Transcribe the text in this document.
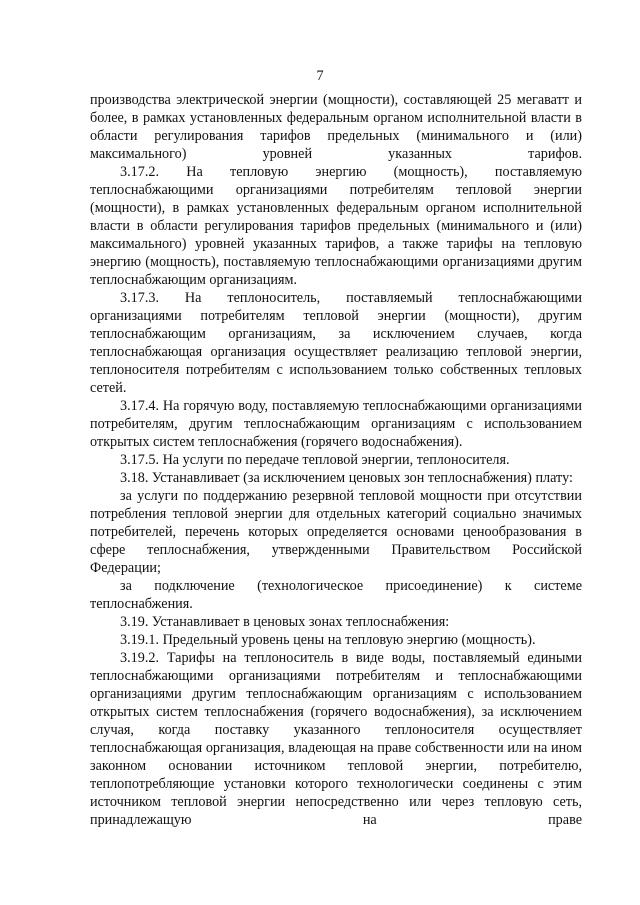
7

производства электрической энергии (мощности), составляющей 25 мегаватт и более, в рамках установленных федеральным органом исполнительной власти в области регулирования тарифов предельных (минимального и (или) максимального) уровней указанных тарифов.

3.17.2. На тепловую энергию (мощность), поставляемую теплоснабжающими организациями потребителям тепловой энергии (мощности), в рамках установленных федеральным органом исполнительной власти в области регулирования тарифов предельных (минимального и (или) максимального) уровней указанных тарифов, а также тарифы на тепловую энергию (мощность), поставляемую теплоснабжающими организациями другим теплоснабжающим организациям.

3.17.3. На теплоноситель, поставляемый теплоснабжающими организациями потребителям тепловой энергии (мощности), другим теплоснабжающим организациям, за исключением случаев, когда теплоснабжающая организация осуществляет реализацию тепловой энергии, теплоносителя потребителям с использованием только собственных тепловых сетей.

3.17.4. На горячую воду, поставляемую теплоснабжающими организациями потребителям, другим теплоснабжающим организациям с использованием открытых систем теплоснабжения (горячего водоснабжения).

3.17.5. На услуги по передаче тепловой энергии, теплоносителя.

3.18. Устанавливает (за исключением ценовых зон теплоснабжения) плату:

за услуги по поддержанию резервной тепловой мощности при отсутствии потребления тепловой энергии для отдельных категорий социально значимых потребителей, перечень которых определяется основами ценообразования в сфере теплоснабжения, утвержденными Правительством Российской Федерации;

за подключение (технологическое присоединение) к системе теплоснабжения.

3.19. Устанавливает в ценовых зонах теплоснабжения:

3.19.1. Предельный уровень цены на тепловую энергию (мощность).

3.19.2. Тарифы на теплоноситель в виде воды, поставляемый едиными теплоснабжающими организациями потребителям и теплоснабжающими организациями другим теплоснабжающим организациям с использованием открытых систем теплоснабжения (горячего водоснабжения), за исключением случая, когда поставку указанного теплоносителя осуществляет теплоснабжающая организация, владеющая на праве собственности или на ином законном основании источником тепловой энергии, потребителю, теплопотребляющие установки которого технологически соединены с этим источником тепловой энергии непосредственно или через тепловую сеть, принадлежащую на праве
